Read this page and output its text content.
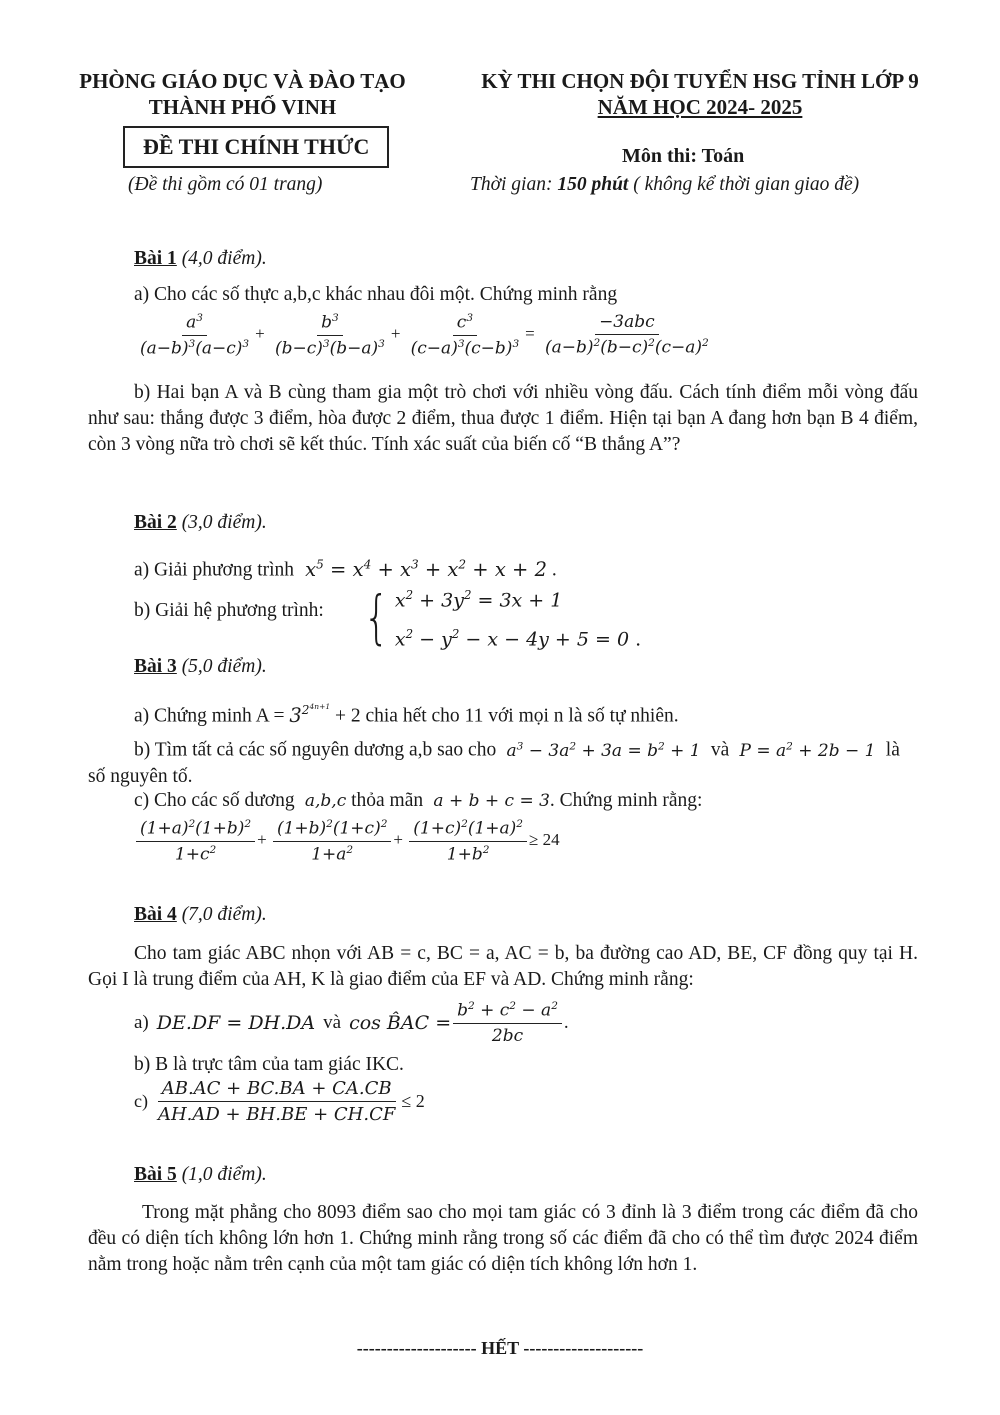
PHÒNG GIÁO DỤC VÀ ĐÀO TẠO
THÀNH PHỐ VINH
KỲ THI CHỌN ĐỘI TUYỂN HSG TỈNH LỚP 9
NĂM HỌC 2024- 2025
ĐỀ THI CHÍNH THỨC
(Đề thi gồm có 01 trang)
Môn thi: Toán
Thời gian: 150 phút ( không kể thời gian giao đề)
Bài 1 (4,0 điểm).
a) Cho các số thực a,b,c khác nhau đôi một. Chứng minh rằng
$\frac{a^3}{(a-b)^3(a-c)^3} + \frac{b^3}{(b-c)^3(b-a)^3} + \frac{c^3}{(c-a)^3(c-b)^3} = \frac{\text{−3abc}}{(a-b)^2(b-c)^2(c-a)^2}$
b) Hai bạn A và B cùng tham gia một trò chơi với nhiều vòng đấu. Cách tính điểm mỗi vòng đấu như sau: thắng được 3 điểm, hòa được 2 điểm, thua được 1 điểm. Hiện tại bạn A đang hơn bạn B 4 điểm, còn 3 vòng nữa trò chơi sẽ kết thúc. Tính xác suất của biến cố “B thắng A”?
Bài 2 (3,0 điểm).
a) Giải phương trình  $x^5 = x^4 + x^3 + x^2 + x + 2$ .
b) Giải hệ phương trình: { $x^2 + 3y^2 = 3x + 1$
$x^2 - y^2 - x - 4y + 5 = 0$ .
Bài 3 (5,0 điểm).
a) Chứng minh $A = 3^{2^{4n+1}} + 2$ chia hết cho 11 với mọi n là số tự nhiên.
b) Tìm tất cả các số nguyên dương a,b sao cho  $a^3 - 3a^2 + 3a = b^2 + 1$  và  $P = a^2 + 2b - 1$  là
số nguyên tố.
c) Cho các số dương  a,b,c thỏa mãn  a + b + c = 3. Chứng minh rằng:
$\frac{(1+a)^2(1+b)^2}{1+c^2} + \frac{(1+b)^2(1+c)^2}{1+a^2} + \frac{(1+c)^2(1+a)^2}{1+b^2} \ge 24$
Bài 4 (7,0 điểm).
Cho tam giác ABC nhọn với AB = c, BC = a, AC = b, ba đường cao AD, BE, CF đồng quy tại H. Gọi I là trung điểm của AH, K là giao điểm của EF và AD. Chứng minh rằng:
a) DE.DF = DH.DA và cos B̂AC = $\frac{b^2 + c^2 - a^2}{2bc}$ .
b) B là trực tâm của tam giác IKC.
$c) \frac{AB.AC + BC.BA + CA.CB}{AH.AD + BH.BE + CH.CF} \le 2$
Bài 5 (1,0 điểm).
Trong mặt phẳng cho 8093 điểm sao cho mọi tam giác có 3 đỉnh là 3 điểm trong các điểm đã cho đều có diện tích không lớn hơn 1. Chứng minh rằng trong số các điểm đã cho có thể tìm được 2024 điểm nằm trong hoặc nằm trên cạnh của một tam giác có diện tích không lớn hơn 1.
-------------------- HẾT --------------------
